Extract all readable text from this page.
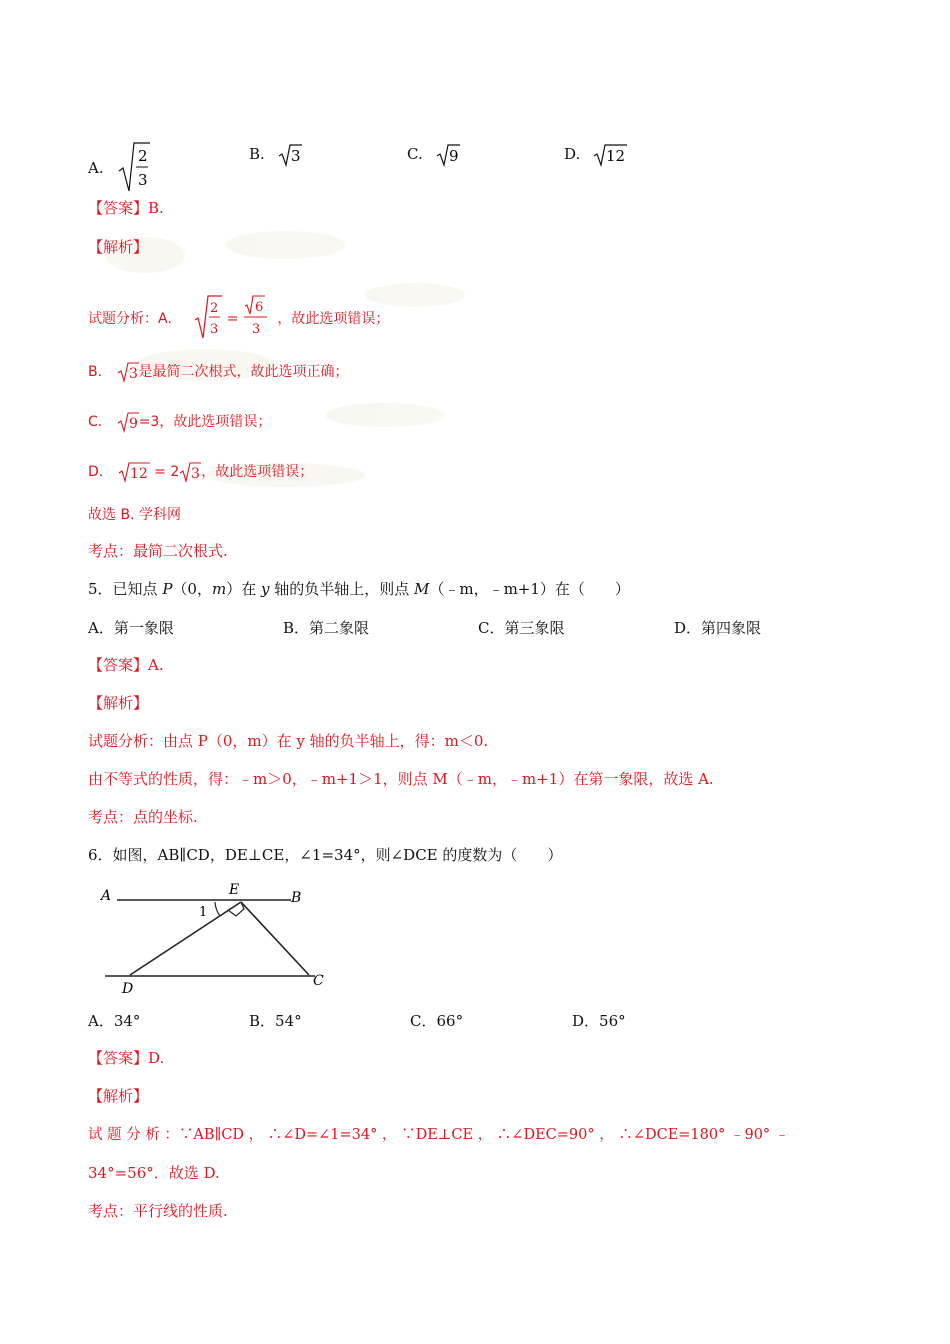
A.
2
3
B. 3	C. 9	D. 12
【答案】B.
【解析】
试题分析：A.
2
3
=
6
3
，故此选项错误；
B. 3 是最简二次根式，故此选项正确；
C. 9 =3，故此选项错误；
D. 12 = 2 3 ，故此选项错误；
故选 B. 学科网
考点：最简二次根式.
5．已知点 P（0，m）在 y 轴的负半轴上，则点 M（﹣m，﹣m+1）在（　　）
A．第一象限	B．第二象限	C．第三象限	D．第四象限
【答案】A.
【解析】
试题分析：由点 P（0，m）在 y 轴的负半轴上，得：m＜0.
由不等式的性质，得：﹣m＞0，﹣m+1＞1，则点 M（﹣m，﹣m+1）在第一象限，故选 A.
考点：点的坐标.
6．如图，AB∥CD，DE⊥CE，∠1=34°，则∠DCE 的度数为（　　）
A	E	B
1
D	C
A．34°	B．54°	C．66°	D．56°
【答案】D.
【解析】
试 题 分 析 ：∵AB∥CD ， ∴∠D=∠1=34° ， ∵DE⊥CE ， ∴∠DEC=90° ， ∴∠DCE=180° ﹣90° ﹣
34°=56°．故选 D.
考点：平行线的性质.
